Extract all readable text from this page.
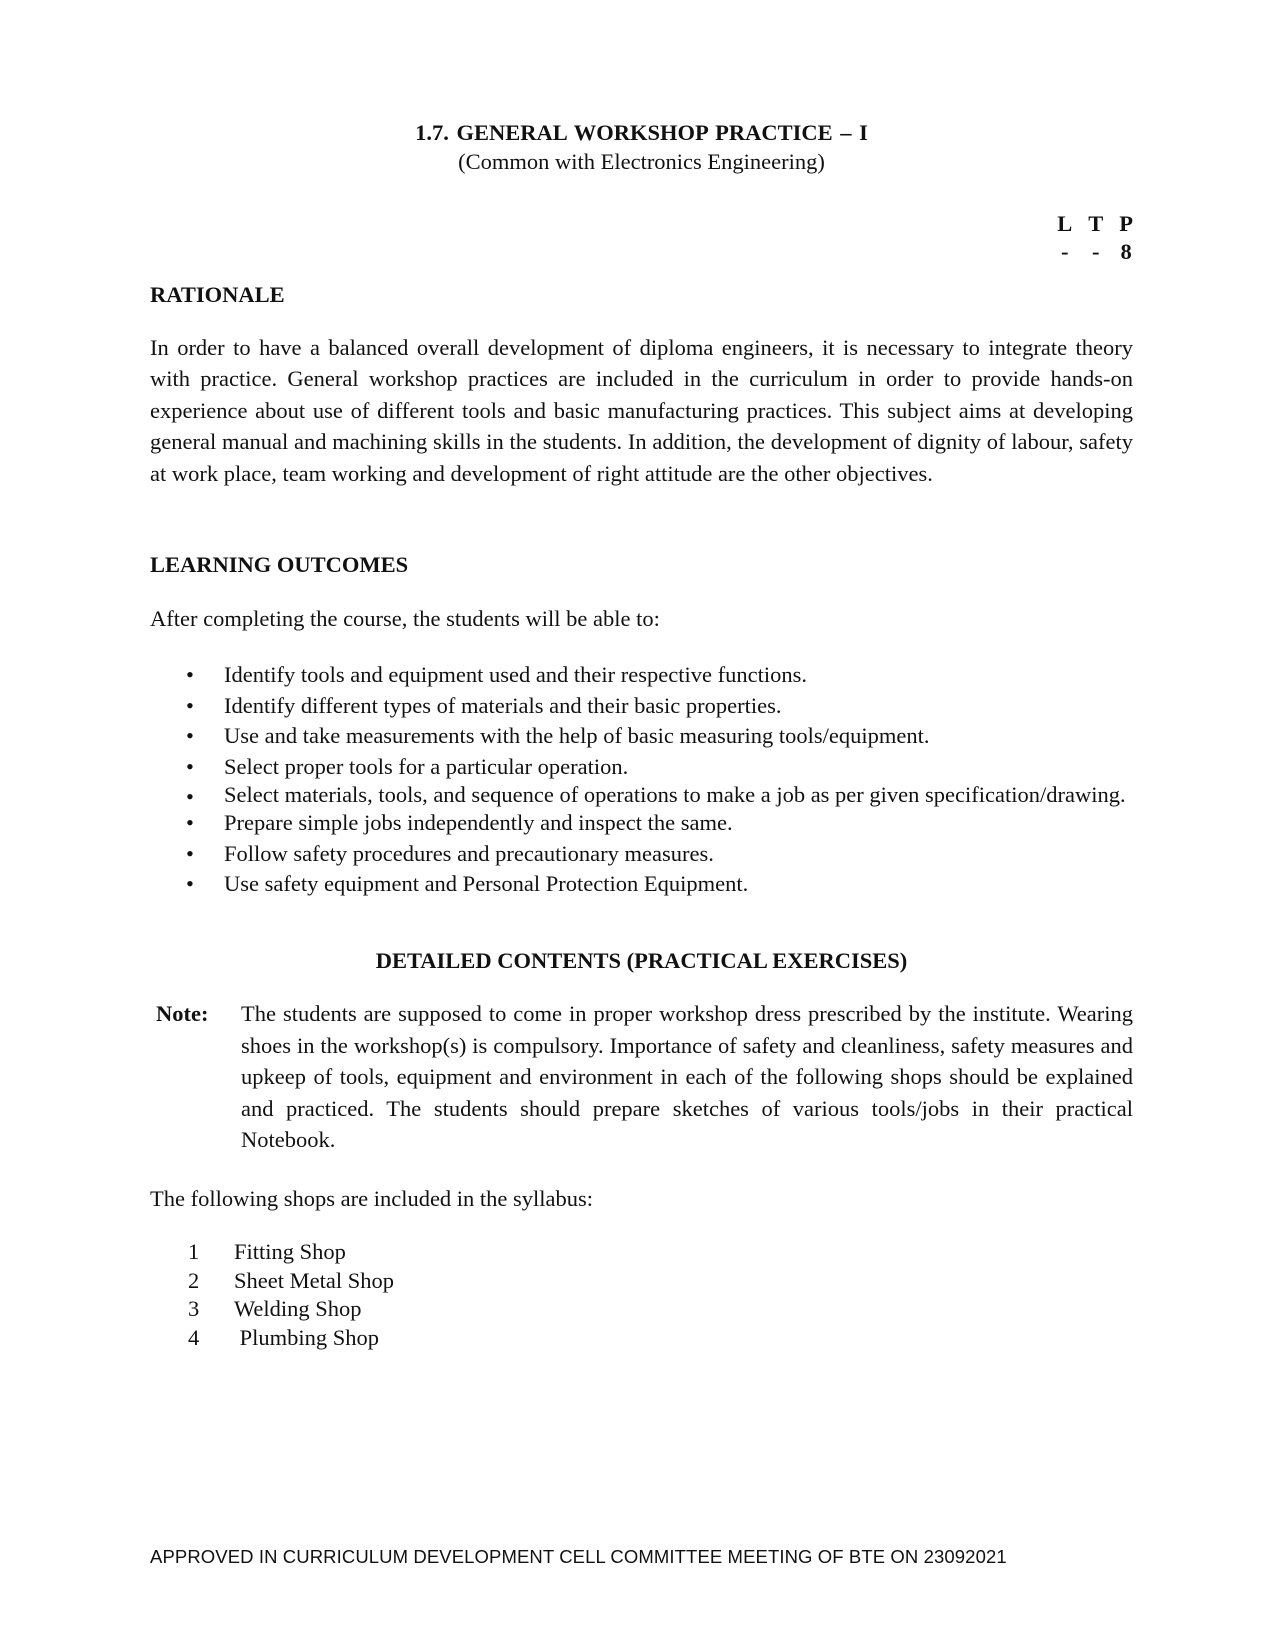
1.7. GENERAL WORKSHOP PRACTICE – I

(Common with Electronics Engineering)

L	T	P
-	-	8

RATIONALE

In order to have a balanced overall development of diploma engineers, it is necessary to integrate theory with practice. General workshop practices are included in the curriculum in order to provide hands-on experience about use of different tools and basic manufacturing practices. This subject aims at developing general manual and machining skills in the students. In addition, the development of dignity of labour, safety at work place, team working and development of right attitude are the other objectives.

LEARNING OUTCOMES

After completing the course, the students will be able to:

• Identify tools and equipment used and their respective functions.
• Identify different types of materials and their basic properties.
• Use and take measurements with the help of basic measuring tools/equipment.
• Select proper tools for a particular operation.
• Select materials, tools, and sequence of operations to make a job as per given specification/drawing.
• Prepare simple jobs independently and inspect the same.
• Follow safety procedures and precautionary measures.
• Use safety equipment and Personal Protection Equipment.

DETAILED CONTENTS (PRACTICAL EXERCISES)

Note: The students are supposed to come in proper workshop dress prescribed by the institute. Wearing shoes in the workshop(s) is compulsory. Importance of safety and cleanliness, safety measures and upkeep of tools, equipment and environment in each of the following shops should be explained and practiced. The students should prepare sketches of various tools/jobs in their practical Notebook.

The following shops are included in the syllabus:

1 Fitting Shop
2 Sheet Metal Shop
3 Welding Shop
4 Plumbing Shop
APPROVED IN CURRICULUM DEVELOPMENT CELL COMMITTEE MEETING OF BTE ON 23092021
